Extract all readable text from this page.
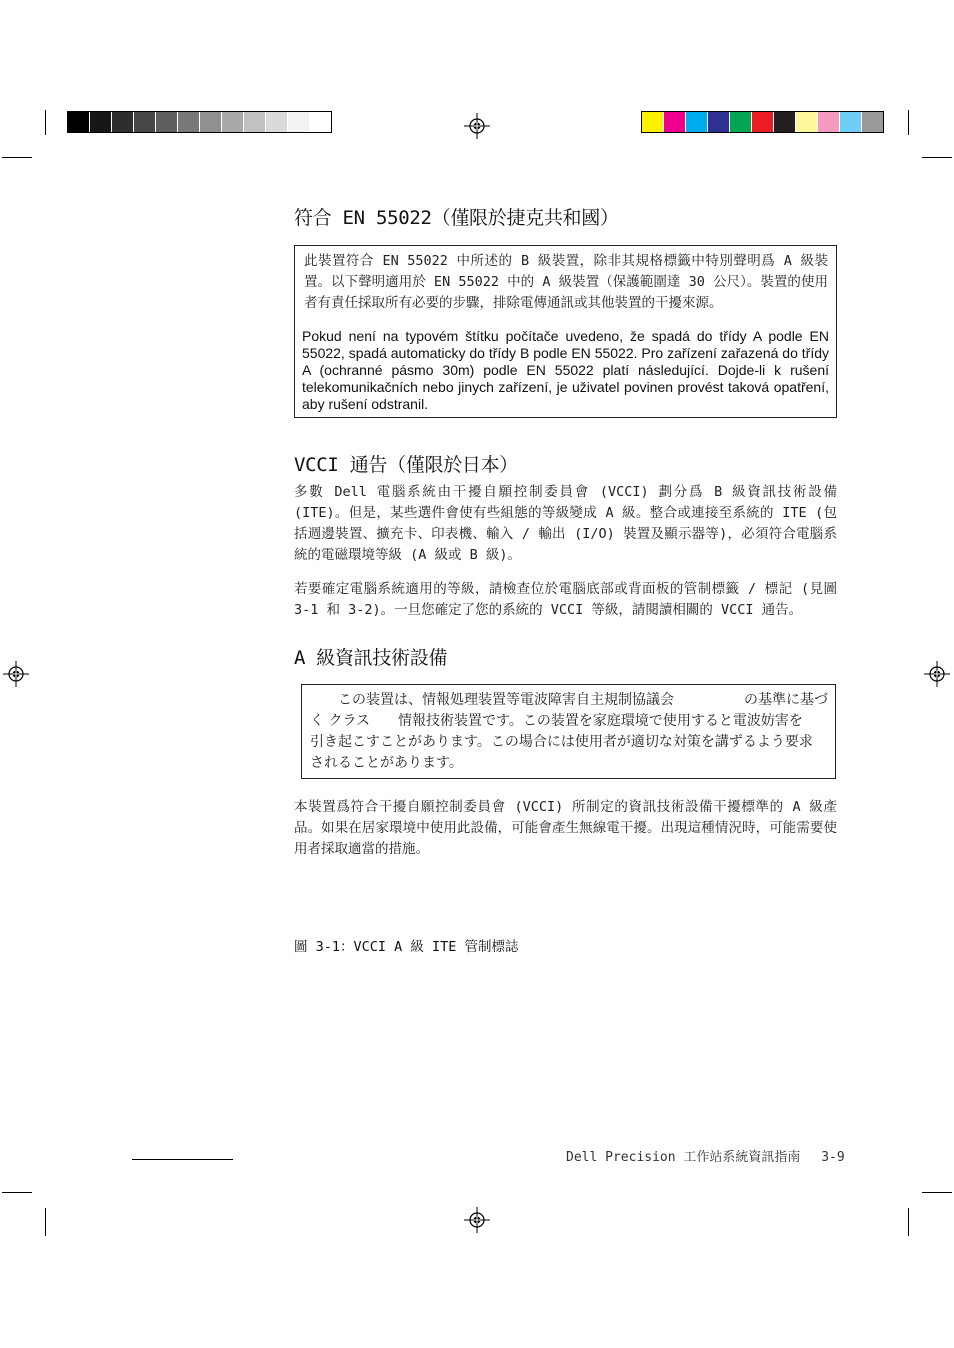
符合 EN 55022（僅限於捷克共和國）
此裝置符合 EN 55022 中所述的 B 級裝置，除非其規格標籤中特別聲明爲 A 級裝置。以下聲明適用於 EN 55022 中的 A 級裝置（保護範圍達 30 公尺）。裝置的使用者有責任採取所有必要的步驟，排除電傳通訊或其他裝置的干擾來源。
Pokud není na typovém štítku počítače uvedeno, že spadá do třídy A podle EN 55022, spadá automaticky do třídy B podle EN 55022. Pro zařízení zařazená do třídy A (ochranné pásmo 30m) podle EN 55022 platí následující. Dojde-li k rušení telekomunikačních nebo jinych zařízení, je uživatel povinen provést taková opatření, aby rušení odstranil.
VCCI 通告（僅限於日本）
多數 Dell 電腦系統由干擾自願控制委員會 (VCCI) 劃分爲 B 級資訊技術設備 (ITE)。但是，某些選件會使有些組態的等級變成 A 級。整合或連接至系統的 ITE (包括週邊裝置、擴充卡、印表機、輸入 / 輸出 (I/O) 裝置及顯示器等)，必須符合電腦系統的電磁環境等級 (A 級或 B 級)。
若要確定電腦系統適用的等級，請檢查位於電腦底部或背面板的管制標籤 / 標記 (見圖 3-1 和 3-2)。一旦您確定了您的系統的 VCCI 等級，請閱讀相關的 VCCI 通告。
A 級資訊技術設備
この装置は、情報処理装置等電波障害自主規制協議会　　　　　の基準に基づ
く クラス　　情報技術装置です。この装置を家庭環境で使用すると電波妨害を
引き起こすことがあります。この場合には使用者が適切な対策を講ずるよう要求
されることがあります。
本裝置爲符合干擾自願控制委員會 (VCCI) 所制定的資訊技術設備干擾標準的 A 級產品。如果在居家環境中使用此設備，可能會產生無線電干擾。出現這種情況時，可能需要使用者採取適當的措施。
圖 3-1：VCCI A 級 ITE 管制標誌
Dell Precision 工作站系統資訊指南　 3-9
